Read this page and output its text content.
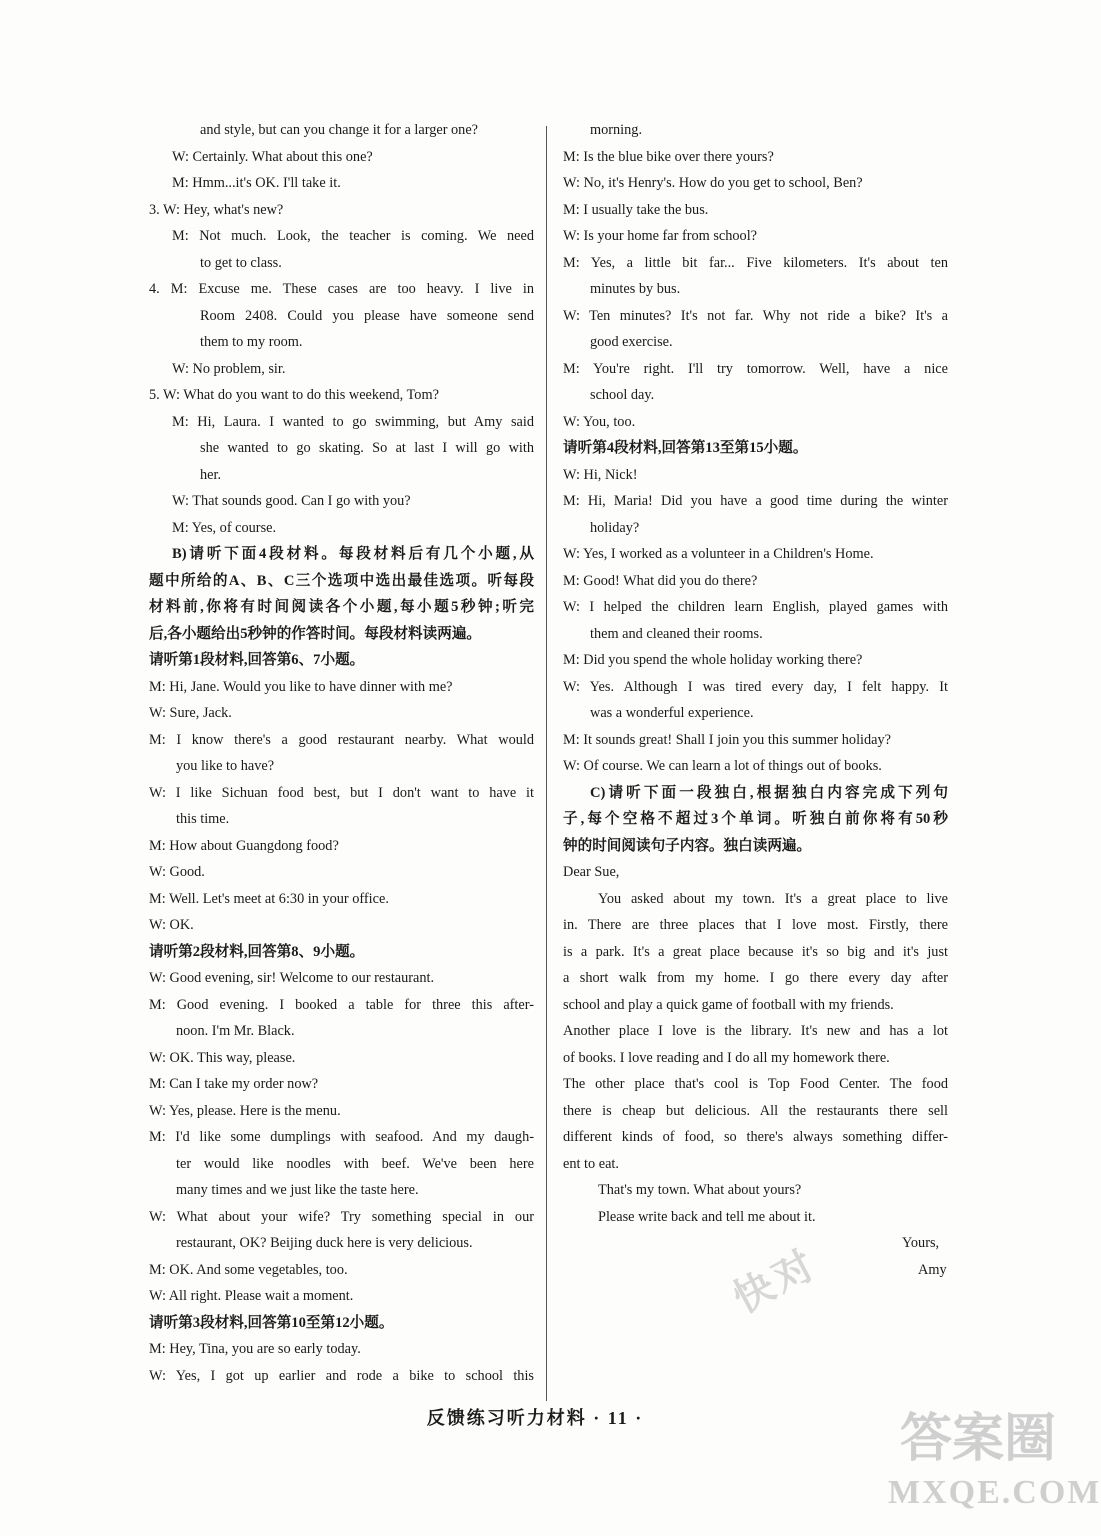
and style, but can you change it for a larger one?
W: Certainly. What about this one?
M: Hmm...it's OK. I'll take it.
3. W: Hey, what's new?
M: Not much. Look, the teacher is coming. We need
to get to class.
4. M: Excuse me. These cases are too heavy. I live in
Room 2408. Could you please have someone send
them to my room.
W: No problem, sir.
5. W: What do you want to do this weekend, Tom?
M: Hi, Laura. I wanted to go swimming, but Amy said
she wanted to go skating. So at last I will go with
her.
W: That sounds good. Can I go with you?
M: Yes, of course.
B)请听下面4段材料。每段材料后有几个小题,从
题中所给的A、B、C三个选项中选出最佳选项。听每段
材料前,你将有时间阅读各个小题,每小题5秒钟;听完
后,各小题给出5秒钟的作答时间。每段材料读两遍。
请听第1段材料,回答第6、7小题。
M: Hi, Jane. Would you like to have dinner with me?
W: Sure, Jack.
M: I know there's a good restaurant nearby. What would
you like to have?
W: I like Sichuan food best, but I don't want to have it
this time.
M: How about Guangdong food?
W: Good.
M: Well. Let's meet at 6:30 in your office.
W: OK.
请听第2段材料,回答第8、9小题。
W: Good evening, sir! Welcome to our restaurant.
M: Good evening. I booked a table for three this after-
noon. I'm Mr. Black.
W: OK. This way, please.
M: Can I take my order now?
W: Yes, please. Here is the menu.
M: I'd like some dumplings with seafood. And my daugh-
ter would like noodles with beef. We've been here
many times and we just like the taste here.
W: What about your wife? Try something special in our
restaurant, OK? Beijing duck here is very delicious.
M: OK. And some vegetables, too.
W: All right. Please wait a moment.
请听第3段材料,回答第10至第12小题。
M: Hey, Tina, you are so early today.
W: Yes, I got up earlier and rode a bike to school this
morning.
M: Is the blue bike over there yours?
W: No, it's Henry's. How do you get to school, Ben?
M: I usually take the bus.
W: Is your home far from school?
M: Yes, a little bit far... Five kilometers. It's about ten
minutes by bus.
W: Ten minutes? It's not far. Why not ride a bike? It's a
good exercise.
M: You're right. I'll try tomorrow. Well, have a nice
school day.
W: You, too.
请听第4段材料,回答第13至第15小题。
W: Hi, Nick!
M: Hi, Maria! Did you have a good time during the winter
holiday?
W: Yes, I worked as a volunteer in a Children's Home.
M: Good! What did you do there?
W: I helped the children learn English, played games with
them and cleaned their rooms.
M: Did you spend the whole holiday working there?
W: Yes. Although I was tired every day, I felt happy. It
was a wonderful experience.
M: It sounds great! Shall I join you this summer holiday?
W: Of course. We can learn a lot of things out of books.
C)请听下面一段独白,根据独白内容完成下列句
子,每个空格不超过3个单词。听独白前你将有50秒
钟的时间阅读句子内容。独白读两遍。
Dear Sue,
You asked about my town. It's a great place to live
in. There are three places that I love most. Firstly, there
is a park. It's a great place because it's so big and it's just
a short walk from my home. I go there every day after
school and play a quick game of football with my friends.
Another place I love is the library. It's new and has a lot
of books. I love reading and I do all my homework there.
The other place that's cool is Top Food Center. The food
there is cheap but delicious. All the restaurants there sell
different kinds of food, so there's always something differ-
ent to eat.
That's my town. What about yours?
Please write back and tell me about it.
Yours,
Amy
反馈练习听力材料 · 11 ·
快对
答案圈
MXQE.COM
